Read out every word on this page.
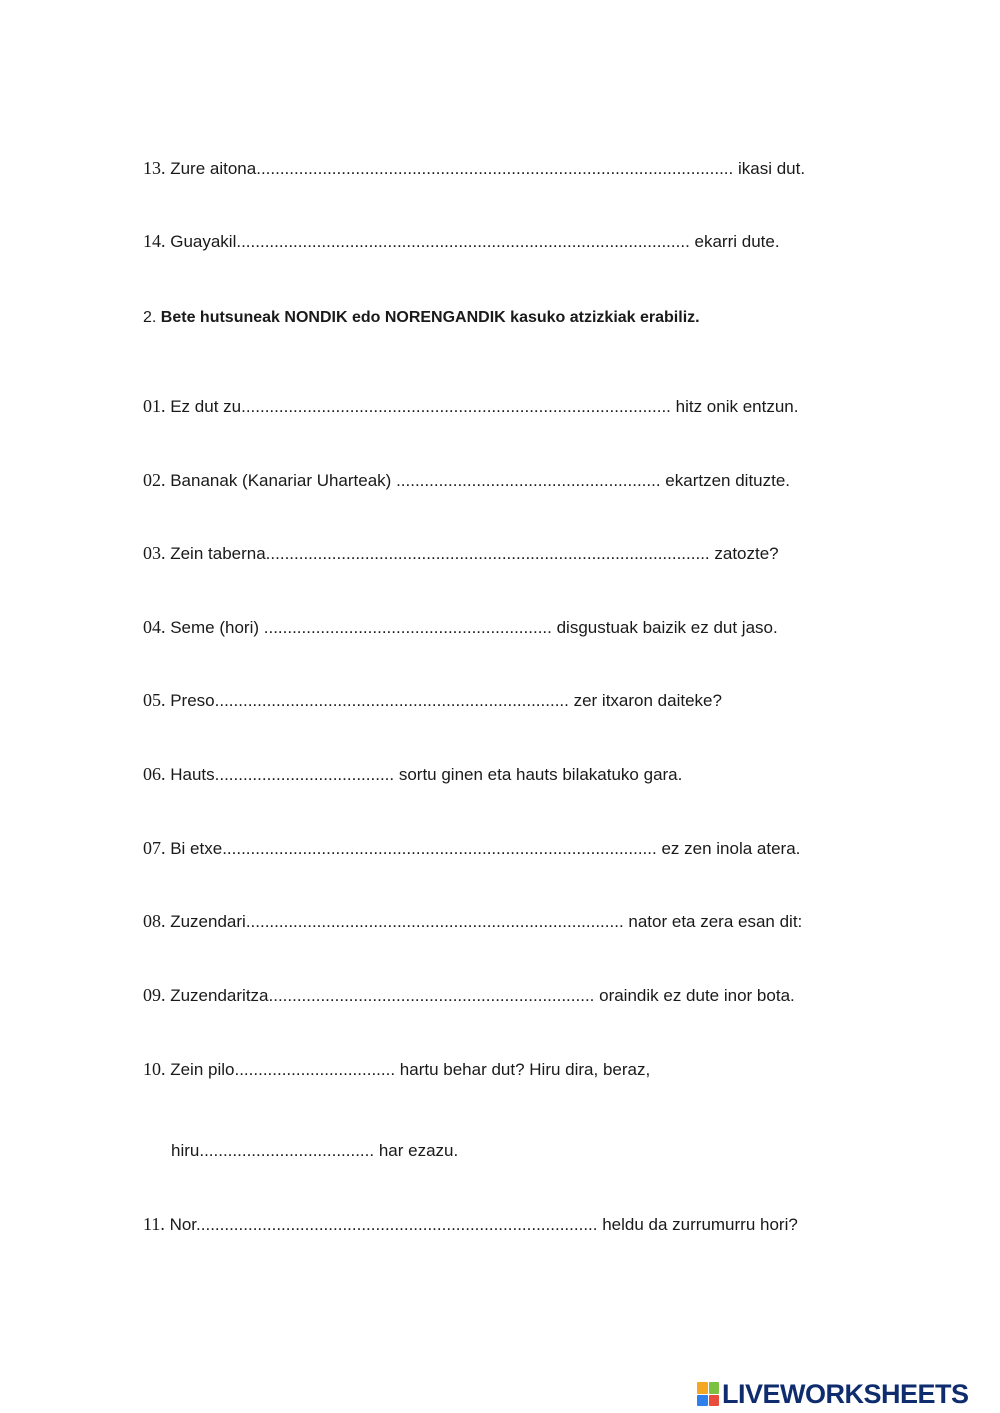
13. Zure aitona..................................................................................................... ikasi dut.
14. Guayakil................................................................................................ ekarri dute.
2. Bete hutsuneak NONDIK edo NORENGANDIK kasuko atzizkiak erabiliz.
01. Ez dut zu........................................................................................... hitz onik entzun.
02. Bananak (Kanariar Uharteak) ........................................................ ekartzen dituzte.
03. Zein taberna.............................................................................................. zatozte?
04. Seme (hori) ............................................................. disgustuak baizik ez dut jaso.
05. Preso........................................................................... zer itxaron daiteke?
06. Hauts...................................... sortu ginen eta hauts bilakatuko gara.
07. Bi etxe............................................................................................ ez zen inola atera.
08. Zuzendari................................................................................ nator eta zera esan dit:
09. Zuzendaritza..................................................................... oraindik ez dute inor bota.
10. Zein pilo.................................. hartu behar dut? Hiru dira, beraz,
hiru..................................... har ezazu.
11. Nor..................................................................................... heldu da zurrumurru hori?
LIVEWORKSHEETS
